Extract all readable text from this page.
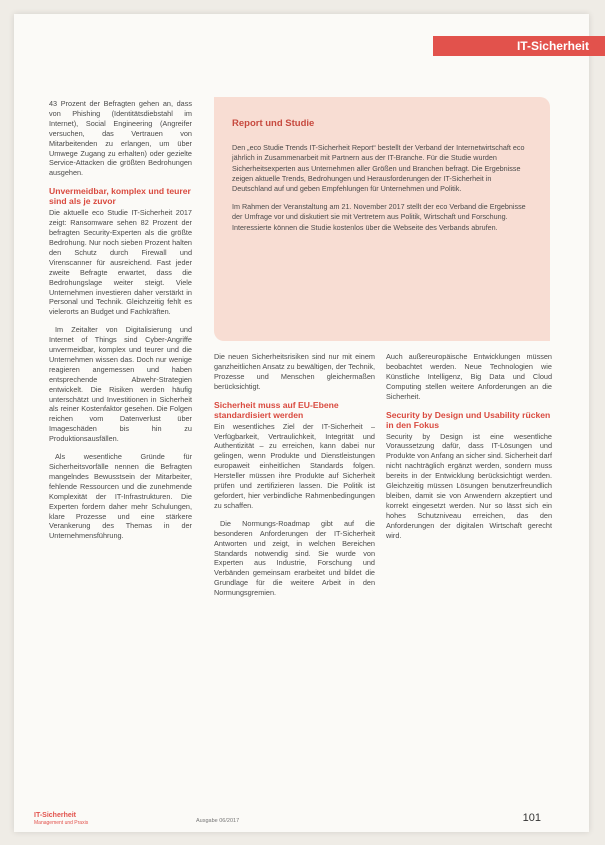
IT-Sicherheit

43 Prozent der Befragten gehen an, dass von Phishing (Identitätsdiebstahl im Internet), Social Engineering (Angreifer versuchen, das Vertrauen von Mitarbeitenden zu erlangen, um über Umwege Zugang zu erhalten) oder gezielte Service-Attacken die größten Bedrohungen ausgehen.

Unvermeidbar, komplex und teurer sind als je zuvor

Die aktuelle eco Studie IT-Sicherheit 2017 zeigt: Ransomware sehen 82 Prozent der befragten Security-Experten als die größte Bedrohung. Nur noch sieben Prozent halten den Schutz durch Firewall und Virenscanner für ausreichend. Fast jeder zweite Befragte erwartet, dass die Bedrohungslage weiter steigt. Viele Unternehmen investieren daher verstärkt in Personal und Technik. Gleichzeitig fehlt es vielerorts an Budget und Fachkräften.

Im Zeitalter von Digitalisierung und Internet of Things sind Cyber-Angriffe unvermeidbar, komplex und teurer und die Unternehmen wissen das. Doch nur wenige reagieren angemessen und haben entsprechende Abwehr-Strategien entwickelt. Die Risiken werden häufig unterschätzt und Investitionen in Sicherheit als reiner Kostenfaktor gesehen. Die Folgen reichen vom Datenverlust über Imageschäden bis hin zu Produktionsausfällen.

Als wesentliche Gründe für Sicherheitsvorfälle nennen die Befragten mangelndes Bewusstsein der Mitarbeiter, fehlende Ressourcen und die zunehmende Komplexität der IT-Infrastrukturen. Die Experten fordern daher mehr Schulungen, klare Prozesse und eine stärkere Verankerung des Themas in der Unternehmensführung.

Report und Studie

Den „eco Studie Trends IT-Sicherheit Report“ bestellt der Verband der Internetwirtschaft eco jährlich in Zusammenarbeit mit Partnern aus der IT-Branche. Für die Studie wurden Sicherheitsexperten aus Unternehmen aller Größen und Branchen befragt. Die Ergebnisse zeigen aktuelle Trends, Bedrohungen und Herausforderungen der IT-Sicherheit in Deutschland auf und geben Empfehlungen für Unternehmen und Politik.

Im Rahmen der Veranstaltung am 21. November 2017 stellt der eco Verband die Ergebnisse der Umfrage vor und diskutiert sie mit Vertretern aus Politik, Wirtschaft und Forschung. Interessierte können die Studie kostenlos über die Webseite des Verbands abrufen.

Die neuen Sicherheitsrisiken sind nur mit einem ganzheitlichen Ansatz zu bewältigen, der Technik, Prozesse und Menschen gleichermaßen berücksichtigt.

Sicherheit muss auf EU-Ebene standardisiert werden

Ein wesentliches Ziel der IT-Sicherheit – Verfügbarkeit, Vertraulichkeit, Integrität und Authentizität – zu erreichen, kann dabei nur gelingen, wenn Produkte und Dienstleistungen europaweit einheitlichen Standards folgen. Hersteller müssen ihre Produkte auf Sicherheit prüfen und zertifizieren lassen. Die Politik ist gefordert, hier verbindliche Rahmenbedingungen zu schaffen.

Die Normungs-Roadmap gibt auf die besonderen Anforderungen der IT-Sicherheit Antworten und zeigt, in welchen Bereichen Standards notwendig sind. Sie wurde von Experten aus Industrie, Forschung und Verbänden gemeinsam erarbeitet und bildet die Grundlage für die weitere Arbeit in den Normungsgremien.

Auch außereuropäische Entwicklungen müssen beobachtet werden. Neue Technologien wie Künstliche Intelligenz, Big Data und Cloud Computing stellen weitere Anforderungen an die Sicherheit.

Security by Design und Usability rücken in den Fokus

Security by Design ist eine wesentliche Voraussetzung dafür, dass IT-Lösungen und Produkte von Anfang an sicher sind. Sicherheit darf nicht nachträglich ergänzt werden, sondern muss bereits in der Entwicklung berücksichtigt werden. Gleichzeitig müssen Lösungen benutzerfreundlich bleiben, damit sie von Anwendern akzeptiert und korrekt eingesetzt werden. Nur so lässt sich ein hohes Schutzniveau erreichen, das den Anforderungen der digitalen Wirtschaft gerecht wird.

IT-Sicherheit
Management und Praxis	Ausgabe 06/2017	101
